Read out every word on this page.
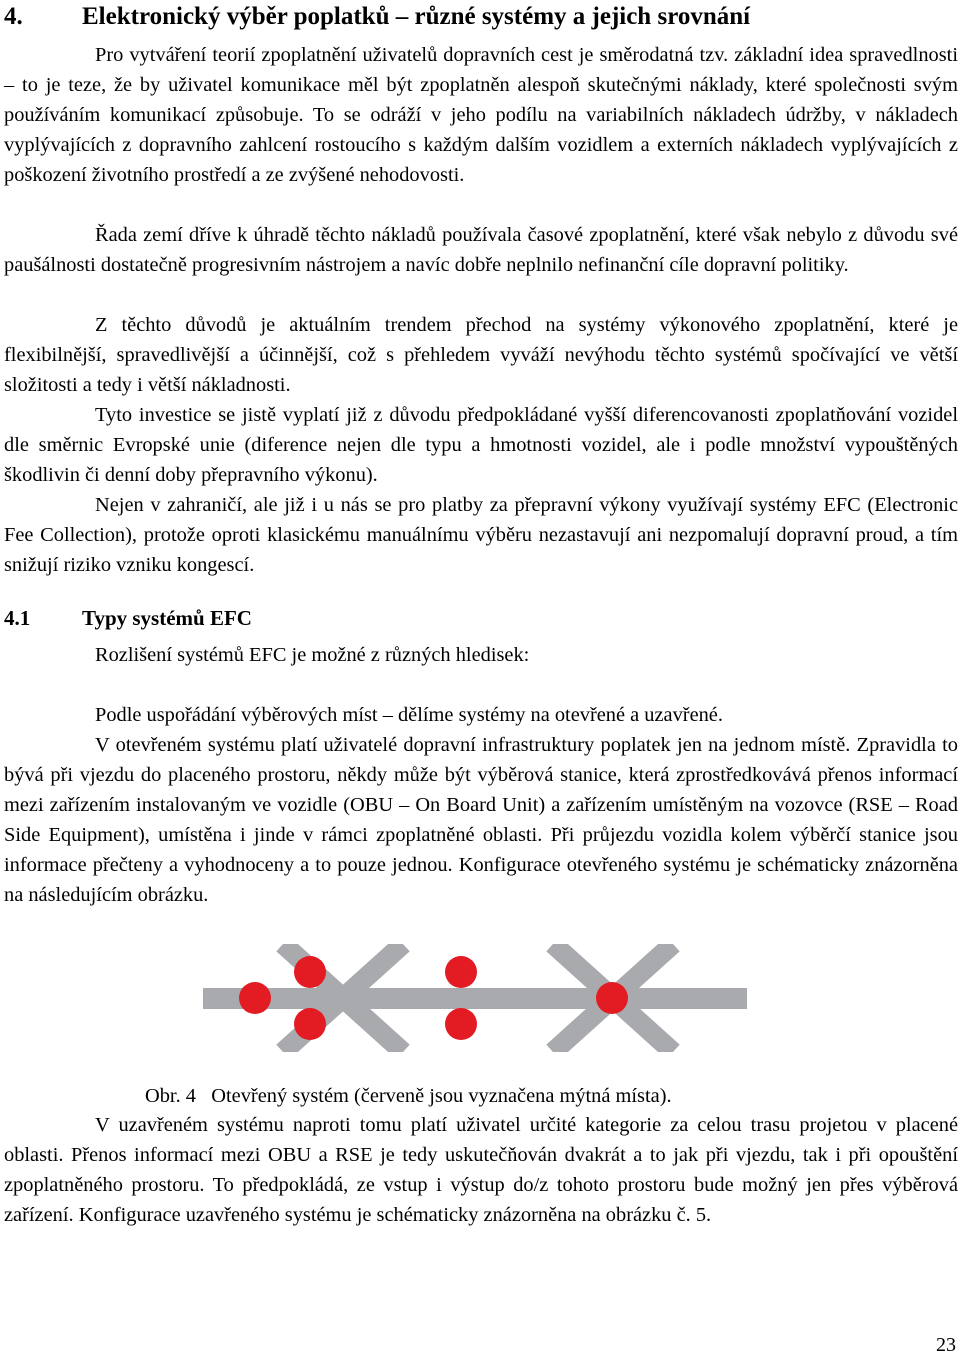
4. Elektronický výběr poplatků – různé systémy a jejich srovnání

Pro vytváření teorií zpoplatnění uživatelů dopravních cest je směrodatná tzv. základní idea spravedlnosti – to je teze, že by uživatel komunikace měl být zpoplatněn alespoň skutečnými náklady, které společnosti svým používáním komunikací způsobuje. To se odráží v jeho podílu na variabilních nákladech údržby, v nákladech vyplývajících z dopravního zahlcení rostoucího s každým dalším vozidlem a externích nákladech vyplývajících z poškození životního prostředí a ze zvýšené nehodovosti.

Řada zemí dříve k úhradě těchto nákladů používala časové zpoplatnění, které však nebylo z důvodu své paušálnosti dostatečně progresivním nástrojem a navíc dobře neplnilo nefinanční cíle dopravní politiky.

Z těchto důvodů je aktuálním trendem přechod na systémy výkonového zpoplatnění, které je flexibilnější, spravedlivější a účinnější, což s přehledem vyváží nevýhodu těchto systémů spočívající ve větší složitosti a tedy i větší nákladnosti.

Tyto investice se jistě vyplatí již z důvodu předpokládané vyšší diferencovanosti zpoplatňování vozidel dle směrnic Evropské unie (diference nejen dle typu a hmotnosti vozidel, ale i podle množství vypouštěných škodlivin či denní doby přepravního výkonu).

Nejen v zahraničí, ale již i u nás se pro platby za přepravní výkony využívají systémy EFC (Electronic Fee Collection), protože oproti klasickému manuálnímu výběru nezastavují ani nezpomalují dopravní proud, a tím snižují riziko vzniku kongescí.

4.1 Typy systémů EFC

Rozlišení systémů EFC je možné z různých hledisek:

Podle uspořádání výběrových míst – dělíme systémy na otevřené a uzavřené.

V otevřeném systému platí uživatelé dopravní infrastruktury poplatek jen na jednom místě. Zpravidla to bývá při vjezdu do placeného prostoru, někdy může být výběrová stanice, která zprostředkovává přenos informací mezi zařízením instalovaným ve vozidle (OBU – On Board Unit) a zařízením umístěným na vozovce (RSE – Road Side Equipment), umístěna i jinde v rámci zpoplatněné oblasti. Při průjezdu vozidla kolem výběrčí stanice jsou informace přečteny a vyhodnoceny a to pouze jednou. Konfigurace otevřeného systému je schématicky znázorněna na následujícím obrázku.

Obr. 4   Otevřený systém (červeně jsou vyznačena mýtná místa).

V uzavřeném systému naproti tomu platí uživatel určité kategorie za celou trasu projetou v placené oblasti. Přenos informací mezi OBU a RSE je tedy uskutečňován dvakrát a to jak při vjezdu, tak i při opouštění zpoplatněného prostoru. To předpokládá, ze vstup i výstup do/z tohoto prostoru bude možný jen přes výběrová zařízení. Konfigurace uzavřeného systému je schématicky znázorněna na obrázku č. 5.

23
